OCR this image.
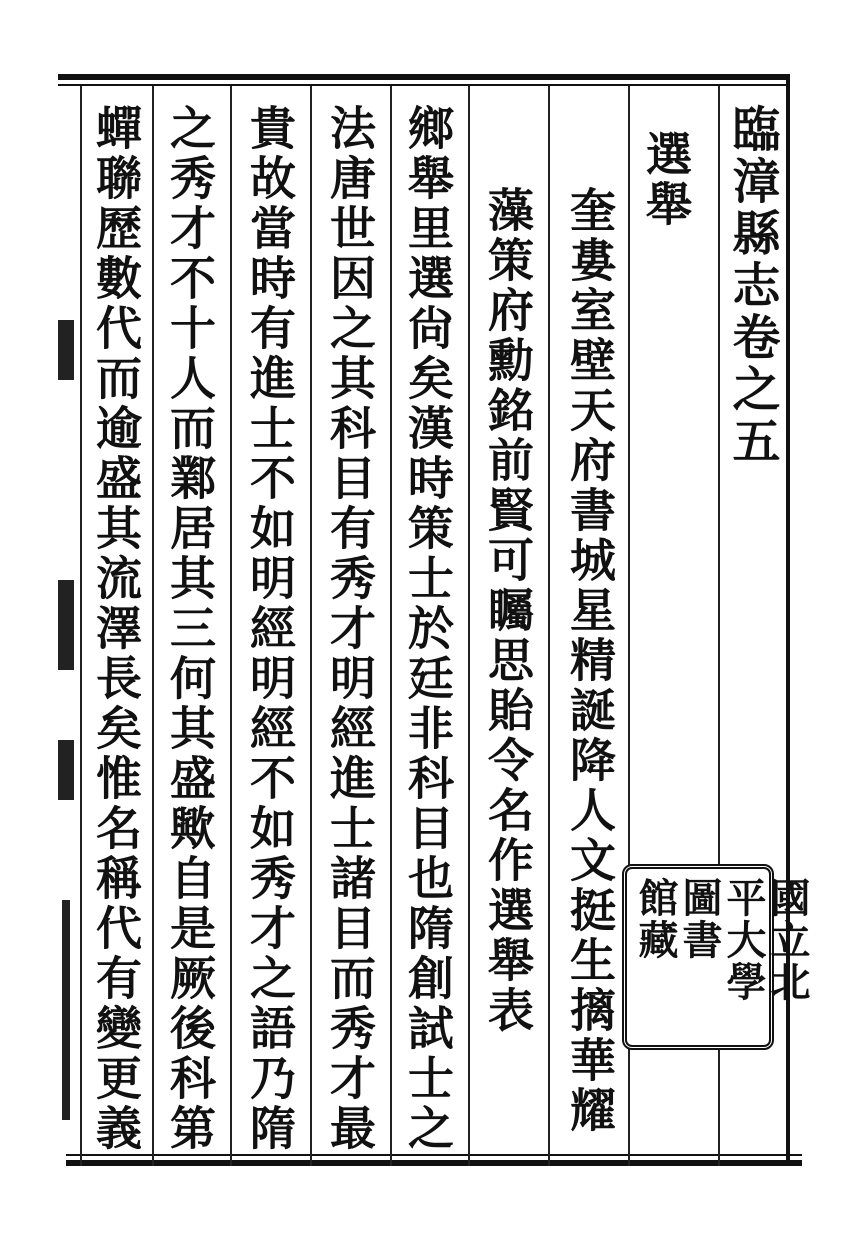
臨漳縣志卷之五
選舉
奎婁室壁天府書城星精誕降人文挺生摛華耀
藻策府勳銘前賢可矚思貽令名作選舉表
鄉舉里選尙矣漢時策士於廷非科目也隋創試士之
法唐世因之其科目有秀才明經進士諸目而秀才最
貴故當時有進士不如明經明經不如秀才之語乃隋
之秀才不十人而鄴居其三何其盛歟自是厥後科第
蟬聯歷數代而逾盛其流澤長矣惟名稱代有變更義	國立北
平大學
圖書
館藏
